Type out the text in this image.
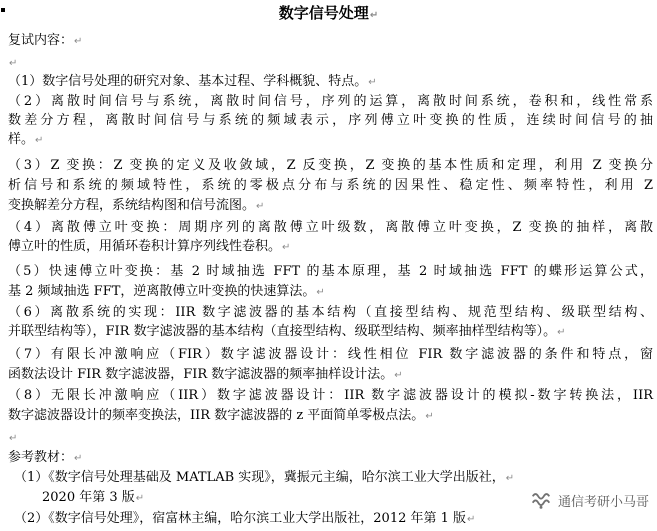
数字信号处理↵
复试内容：↵
↵
（1）数字信号处理的研究对象、基本过程、学科概貌、特点。↵
（2）离散时间信号与系统，离散时间信号，序列的运算，离散时间系统，卷积和，线性常系
数差分方程，离散时间信号与系统的频域表示，序列傅立叶变换的性质，连续时间信号的抽
样。↵
（3）Z 变换：Z 变换的定义及收敛域，Z 反变换，Z 变换的基本性质和定理，利用 Z 变换分
析信号和系统的频域特性，系统的零极点分布与系统的因果性、稳定性、频率特性，利用 Z
变换解差分方程，系统结构图和信号流图。↵
（4）离散傅立叶变换：周期序列的离散傅立叶级数，离散傅立叶变换，Z 变换的抽样，离散
傅立叶的性质，用循环卷积计算序列线性卷积。↵
（5）快速傅立叶变换：基 2 时域抽选 FFT 的基本原理，基 2 时域抽选 FFT 的蝶形运算公式，
基 2 频域抽选 FFT，逆离散傅立叶变换的快速算法。↵
（6）离散系统的实现：IIR 数字滤波器的基本结构（直接型结构、规范型结构、级联型结构、
并联型结构等），FIR 数字滤波器的基本结构（直接型结构、级联型结构、频率抽样型结构等）。↵
（7）有限长冲激响应（FIR）数字滤波器设计：线性相位 FIR 数字滤波器的条件和特点，窗
函数法设计 FIR 数字滤波器，FIR 数字滤波器的频率抽样设计法。↵
（8）无限长冲激响应（IIR）数字滤波器设计：IIR 数字滤波器设计的模拟-数字转换法，IIR
数字滤波器设计的频率变换法，IIR 数字滤波器的 z 平面简单零极点法。↵
↵
参考教材：↵
（1）《数字信号处理基础及 MATLAB 实现》，冀振元主编，哈尔滨工业大学出版社，↵
2020 年第 3 版↵
（2）《数字信号处理》，宿富林主编，哈尔滨工业大学出版社，2012 年第 1 版↵
通信考研小马哥
